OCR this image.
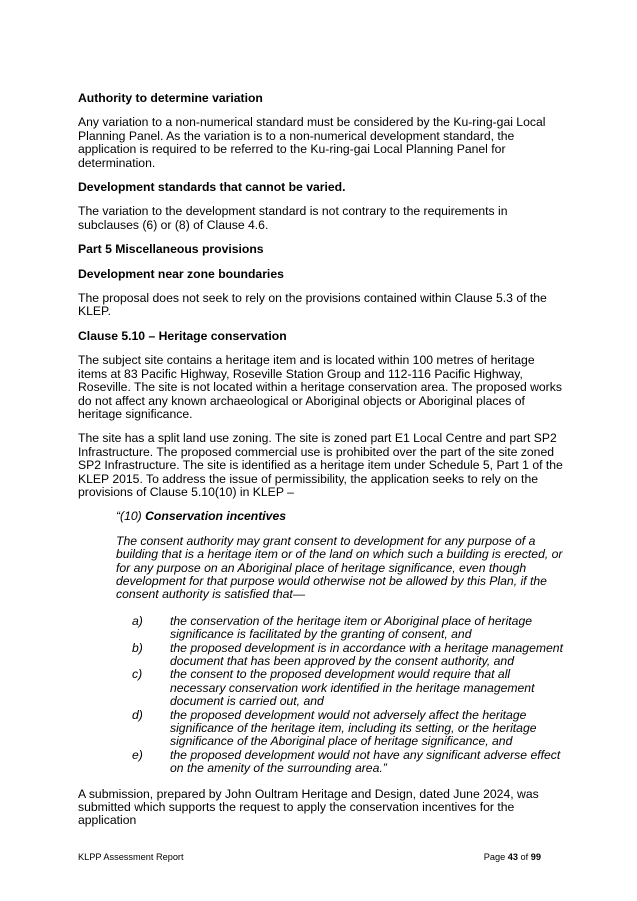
Authority to determine variation

Any variation to a non-numerical standard must be considered by the Ku-ring-gai Local Planning Panel. As the variation is to a non-numerical development standard, the application is required to be referred to the Ku-ring-gai Local Planning Panel for determination.

Development standards that cannot be varied.

The variation to the development standard is not contrary to the requirements in subclauses (6) or (8) of Clause 4.6.

Part 5 Miscellaneous provisions
Development near zone boundaries

The proposal does not seek to rely on the provisions contained within Clause 5.3 of the KLEP.

Clause 5.10 – Heritage conservation

The subject site contains a heritage item and is located within 100 metres of heritage items at 83 Pacific Highway, Roseville Station Group and 112-116 Pacific Highway, Roseville. The site is not located within a heritage conservation area. The proposed works do not affect any known archaeological or Aboriginal objects or Aboriginal places of heritage significance.

The site has a split land use zoning. The site is zoned part E1 Local Centre and part SP2 Infrastructure. The proposed commercial use is prohibited over the part of the site zoned SP2 Infrastructure. The site is identified as a heritage item under Schedule 5, Part 1 of the KLEP 2015. To address the issue of permissibility, the application seeks to rely on the provisions of Clause 5.10(10) in KLEP –

“(10) Conservation incentives

The consent authority may grant consent to development for any purpose of a building that is a heritage item or of the land on which such a building is erected, or for any purpose on an Aboriginal place of heritage significance, even though development for that purpose would otherwise not be allowed by this Plan, if the consent authority is satisfied that—

a) the conservation of the heritage item or Aboriginal place of heritage significance is facilitated by the granting of consent, and
b) the proposed development is in accordance with a heritage management document that has been approved by the consent authority, and
c) the consent to the proposed development would require that all necessary conservation work identified in the heritage management document is carried out, and
d) the proposed development would not adversely affect the heritage significance of the heritage item, including its setting, or the heritage significance of the Aboriginal place of heritage significance, and
e) the proposed development would not have any significant adverse effect on the amenity of the surrounding area.”

A submission, prepared by John Oultram Heritage and Design, dated June 2024, was submitted which supports the request to apply the conservation incentives for the application

KLPP Assessment Report	Page 43 of 99
